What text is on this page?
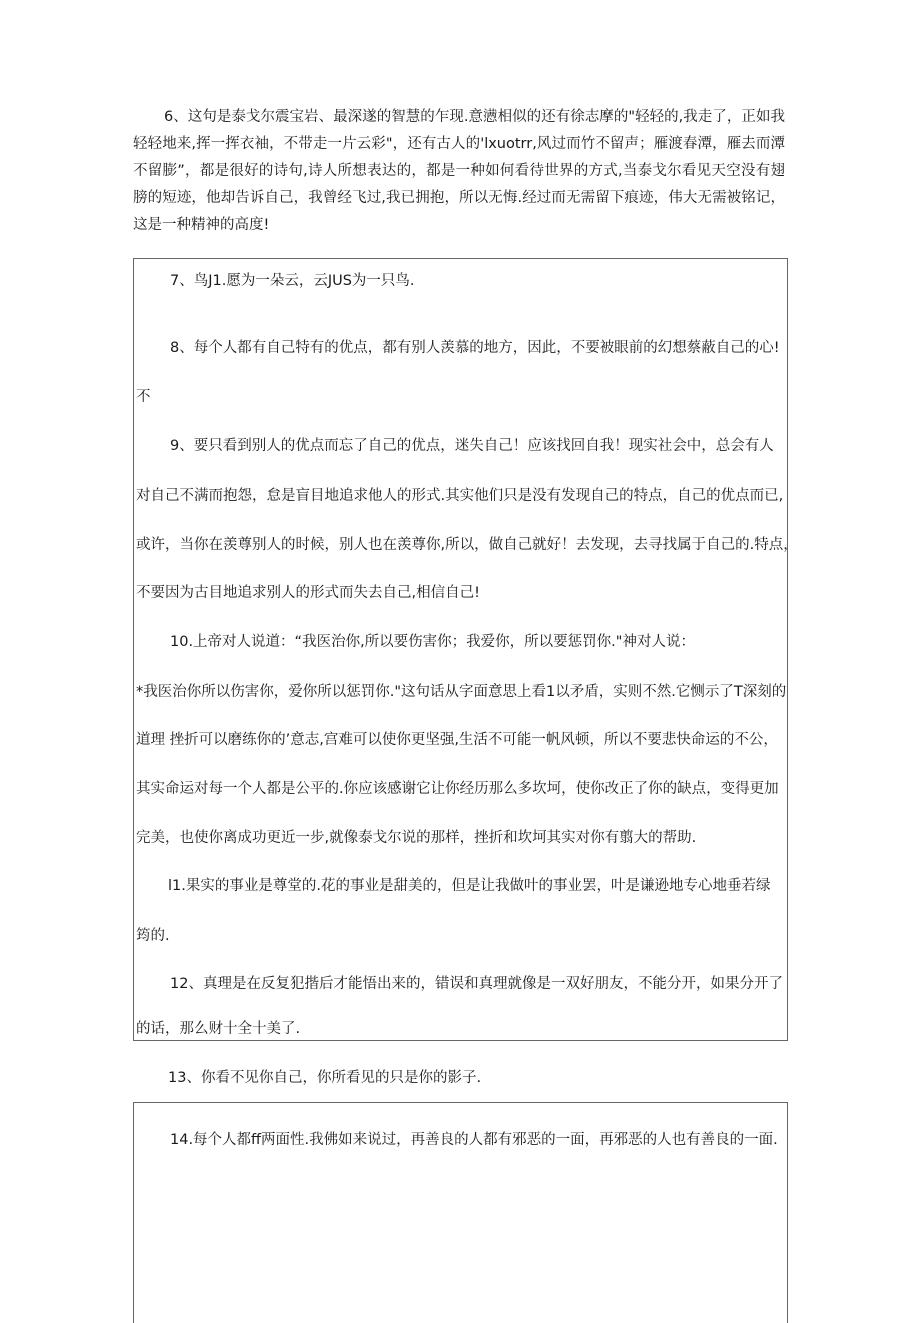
6、这句是泰戈尔震宝岩、最深遂的智慧的乍现.意懑相似的还有徐志摩的"轻轻的,我走了，正如我轻轻地来,挥一挥衣袖，不带走一片云彩"，还有古人的'lxuotrr,风过而竹不留声；雁渡春潭，雁去而潭不留膨”，都是很好的诗句,诗人所想表达的，都是一种如何看待世界的方式,当泰戈尔看见天空没有翅膀的短迹，他却告诉自己，我曾经飞过,我已拥抱，所以无悔.经过而无需留下痕迹，伟大无需被铭记，这是一种精神的高度!
7、鸟J1.愿为一朵云，云JUS为一只鸟.
8、每个人都有自己特有的优点，都有别人羡慕的地方，因此，不要被眼前的幻想蔡蔽自己的心!
不
9、要只看到别人的优点而忘了自己的优点，迷失自己！应该找回自我！现实社会中，总会有人
对自己不满而抱怨，怠是盲目地追求他人的形式.其实他们只是没有发现自己的特点，自己的优点而已,
或许，当你在羡尊别人的时候，别人也在羡尊你,所以，做自己就好！去发现，去寻找属于自己的.特点，
不要因为古目地追求别人的形式而失去自己,相信自己!
10.上帝对人说道：“我医治你,所以要伤害你；我爱你，所以要惩罚你."神对人说：
*我医治你所以伤害你，爱你所以惩罚你."这句话从字面意思上看1以矛盾，实则不然.它恻示了T深刻的
道理 挫折可以磨练你的’意志,宫难可以使你更坚强,生活不可能一帆风顿，所以不要悲快命运的不公，
其实命运对每一个人都是公平的.你应该感谢它让你经历那么多坎坷，使你改正了你的缺点，变得更加
完美，也使你离成功更近一步,就像泰戈尔说的那样，挫折和坎坷其实对你有翦大的帮助.
l1.果实的事业是尊堂的.花的事业是甜美的，但是让我做叶的事业罢，叶是谦逊地专心地垂若绿
筠的.
12、真理是在反复犯揩后才能悟出来的，错误和真理就像是一双好朋友，不能分开，如果分开了
的话，那么财十全十美了.
13、你看不见你自己，你所看见的只是你的影子.
14.每个人都ff两面性.我佛如来说过，再善良的人都有邪恶的一面，再邪恶的人也有善良的一面.
